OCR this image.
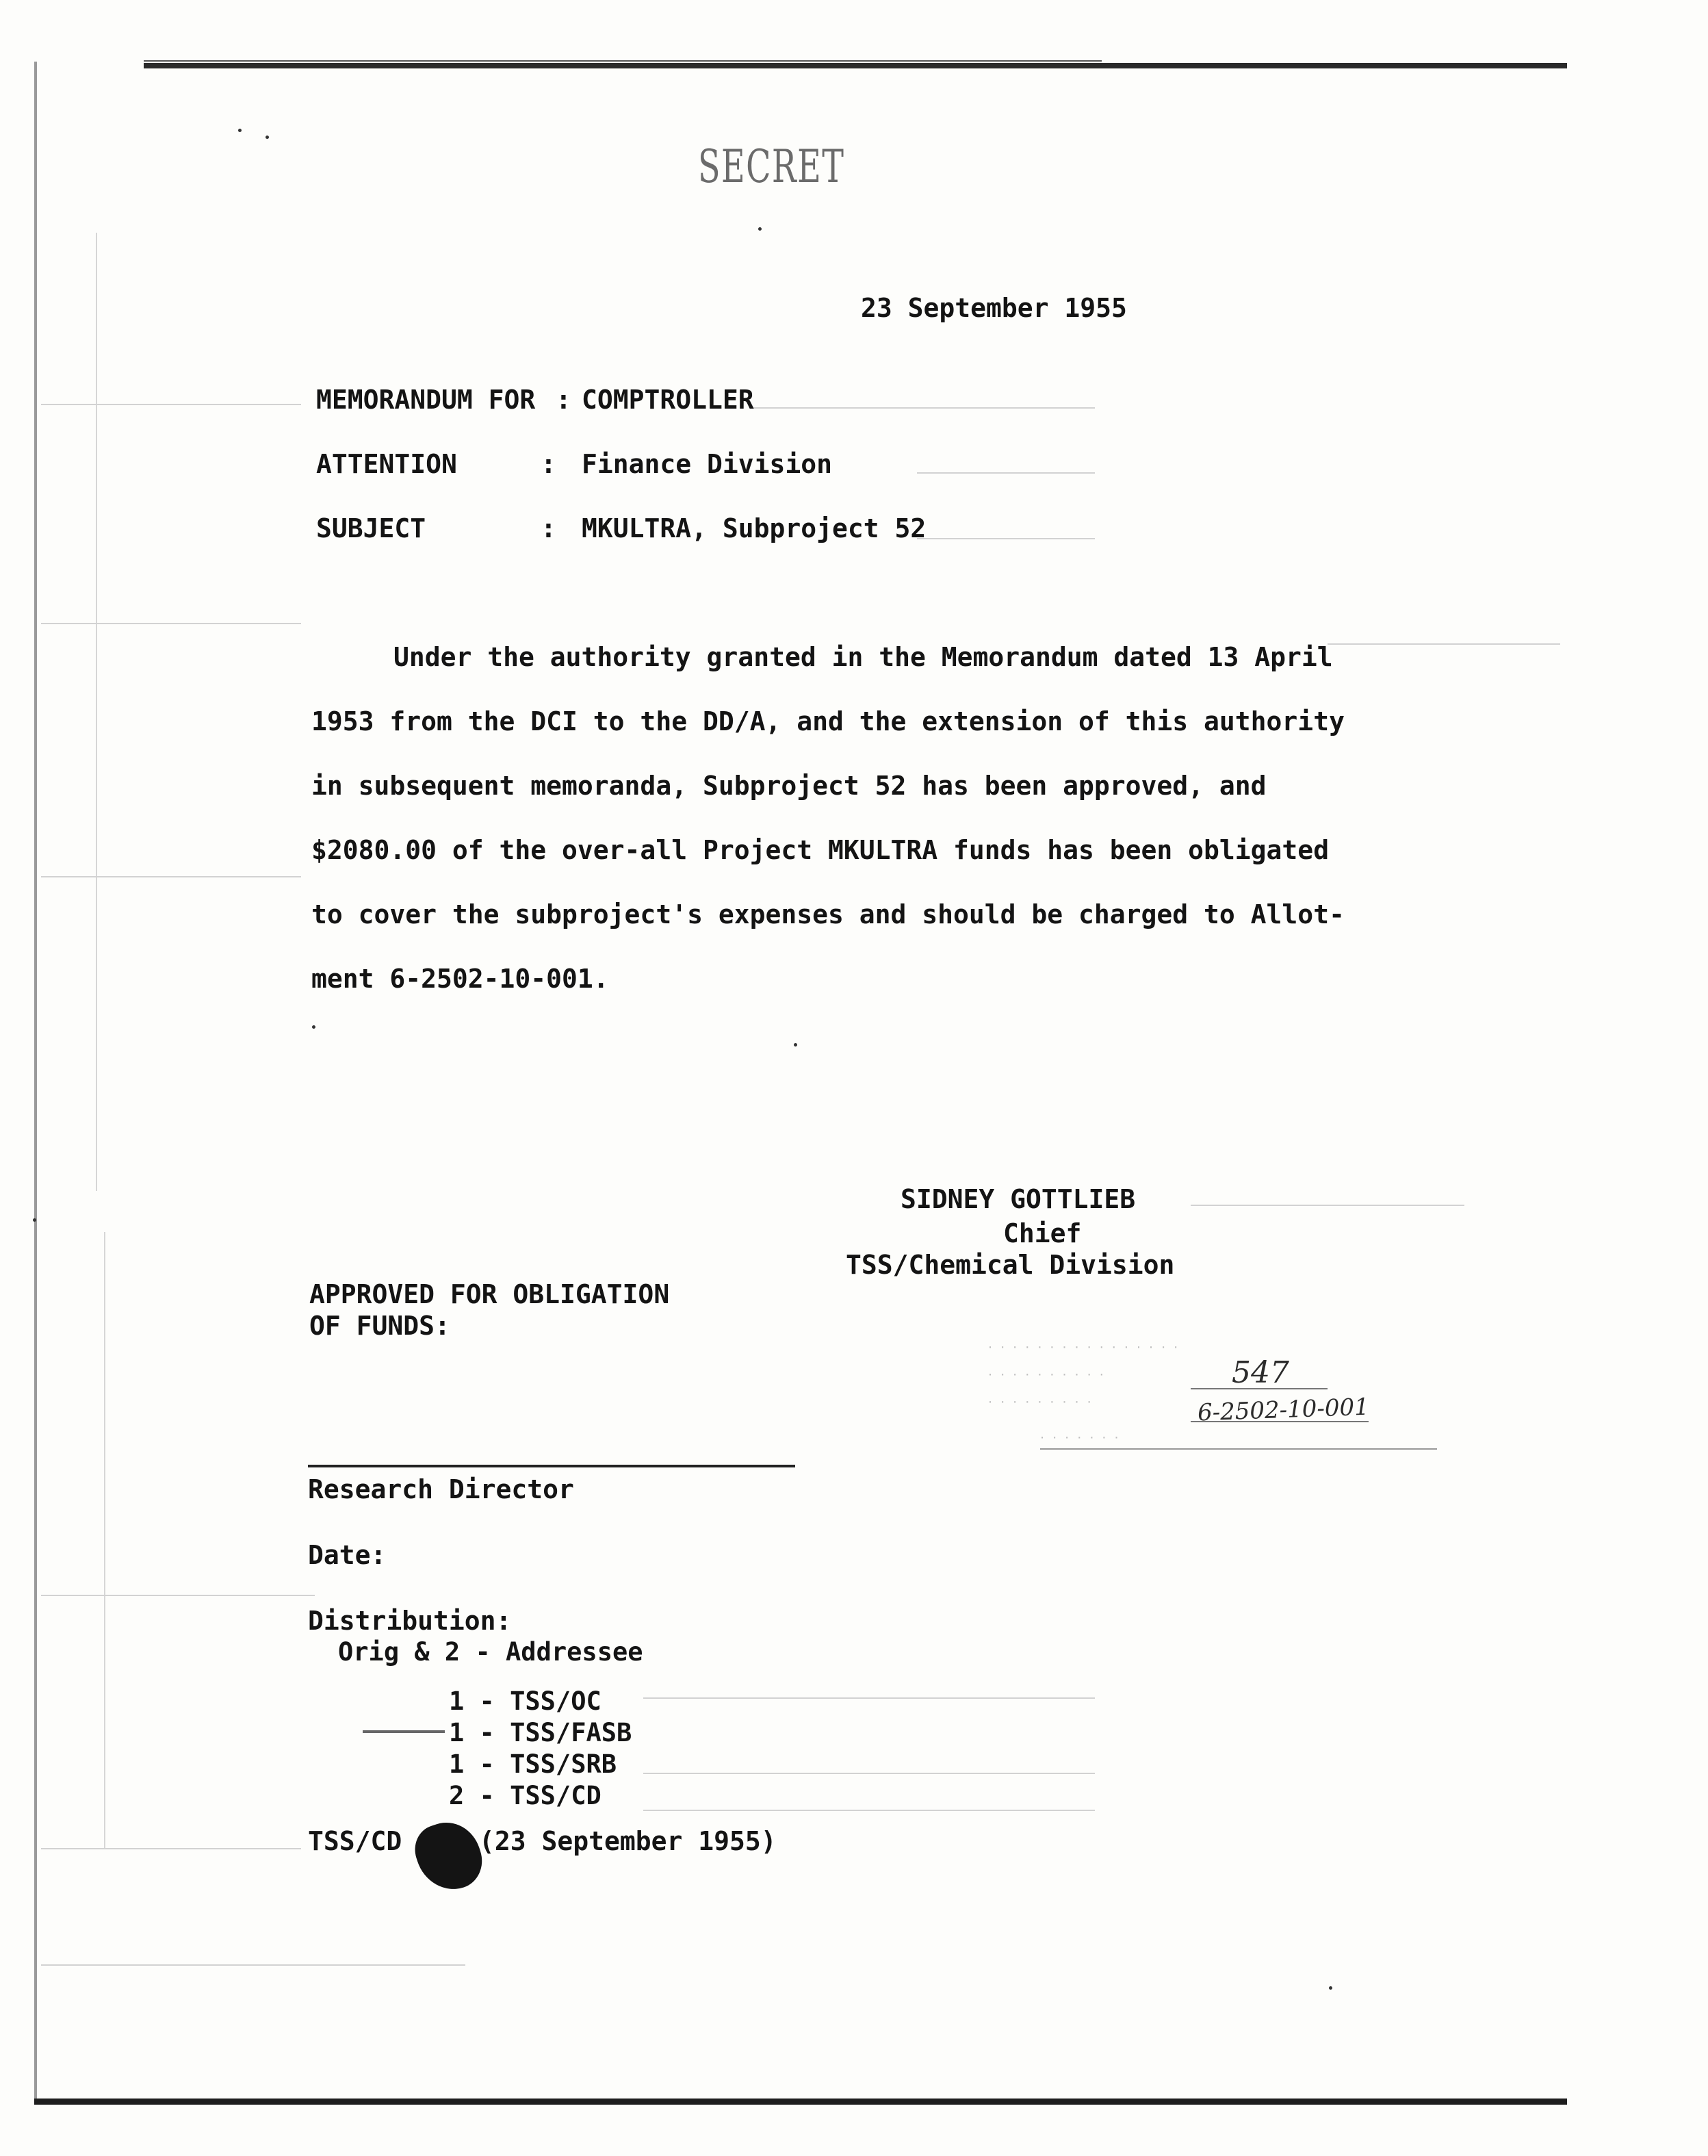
SECRET
23 September 1955
MEMORANDUM FOR : COMPTROLLER
ATTENTION	: Finance Division
SUBJECT	: MKULTRA, Subproject 52
Under the authority granted in the Memorandum dated 13 April
1953 from the DCI to the DD/A, and the extension of this authority
in subsequent memoranda, Subproject 52 has been approved, and
$2080.00 of the over-all Project MKULTRA funds has been obligated
to cover the subproject's expenses and should be charged to Allot-
ment 6-2502-10-001.
SIDNEY GOTTLIEB
Chief
TSS/Chemical Division
APPROVED FOR OBLIGATION
OF FUNDS:
· · · · · · · · · · · · · · · ·
· · · · · · · · · ·
· · · · · · · · ·
· · · · · · ·
547
6-2502-10-001
Research Director
Date:
Distribution:
Orig & 2 - Addressee
1 - TSS/OC
1 - TSS/FASB
1 - TSS/SRB
2 - TSS/CD
TSS/CD	(23 September 1955)
